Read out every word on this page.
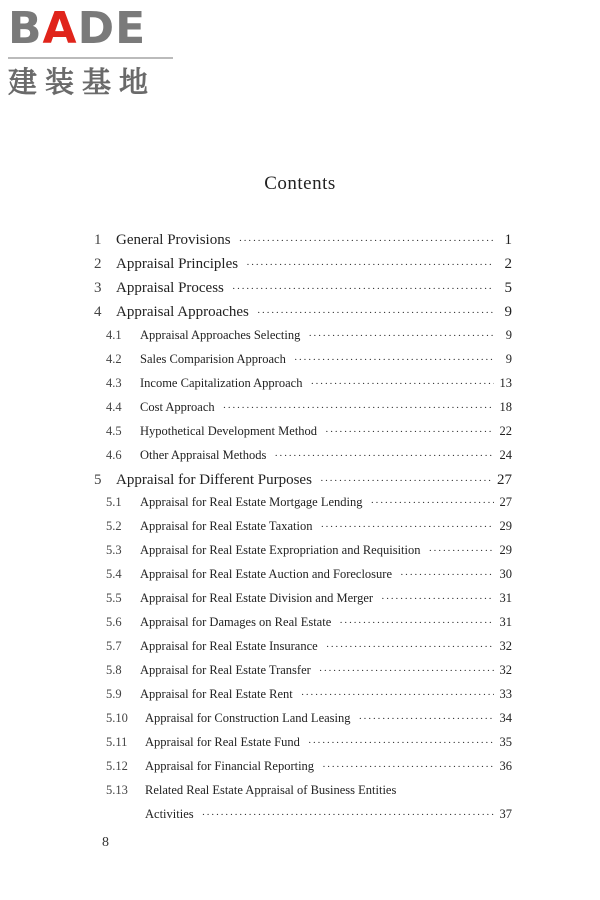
BADE
建装基地
Contents
1 General Provisions ·····	1
2 Appraisal Principles ·····	2
3 Appraisal Process ·····	5
4 Appraisal Approaches ·····	9
4.1	Appraisal Approaches Selecting ·····	9
4.2	Sales Comparision Approach ·····	9
4.3	Income Capitalization Approach ·····	13
4.4	Cost Approach ·····	18
4.5	Hypothetical Development Method ·····	22
4.6	Other Appraisal Methods ·····	24
5 Appraisal for Different Purposes ·····	27
5.1	Appraisal for Real Estate Mortgage Lending ·····	27
5.2	Appraisal for Real Estate Taxation ·····	29
5.3	Appraisal for Real Estate Expropriation and Requisition ·····	29
5.4	Appraisal for Real Estate Auction and Foreclosure ·····	30
5.5	Appraisal for Real Estate Division and Merger ·····	31
5.6	Appraisal for Damages on Real Estate ·····	31
5.7	Appraisal for Real Estate Insurance ·····	32
5.8	Appraisal for Real Estate Transfer ·····	32
5.9	Appraisal for Real Estate Rent ·····	33
5.10	Appraisal for Construction Land Leasing ·····	34
5.11	Appraisal for Real Estate Fund ·····	35
5.12	Appraisal for Financial Reporting ·····	36
5.13	Related Real Estate Appraisal of Business Entities
Activities ·····	37
8
